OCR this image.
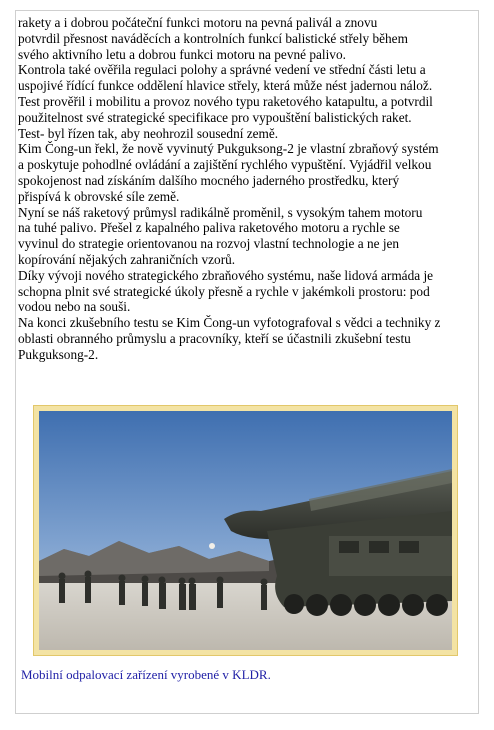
rakety a i dobrou počáteční funkci motoru na pevná palivál a znovu
potvrdil přesnost naváděcích a kontrolních funkcí balistické střely během
svého aktivního letu a dobrou funkci motoru na pevné palivo.
Kontrola také ověřila regulaci polohy a správné vedení ve střední části letu a
uspojivé řídící funkce oddělení hlavice střely, která může nést jadernou nálož.
Test prověřil i mobilitu a provoz nového typu raketového katapultu, a potvrdil
použitelnost své strategické specifikace pro vypouštění balistických raket.
Test- byl řízen tak, aby neohrozil sousední země.
Kim Čong-un řekl, že nově vyvinutý Pukguksong-2 je vlastní zbraňový systém
a poskytuje pohodlné ovládání a zajištění rychlého vypuštění. Vyjádřil velkou
spokojenost nad získáním dalšího mocného jaderného prostředku, který
přispívá k obrovské síle země.
Nyní se náš raketový průmysl radikálně proměnil, s vysokým tahem motoru
na tuhé palivo. Přešel z kapalného paliva raketového motoru a rychle se
vyvinul do strategie orientovanou na rozvoj vlastní technologie a ne jen
kopírování nějakých zahraničních vzorů.
Díky vývoji nového strategického zbraňového systému, naše lidová armáda je
schopna plnit své strategické úkoly přesně a rychle v jakémkoli prostoru: pod
vodou nebo na souši.
Na konci zkušebního testu se Kim Čong-un vyfotografoval s vědci a techniky z
oblasti obranného průmyslu a pracovníky, kteří se účastnili zkušební testu
Pukguksong-2.
Mobilní odpalovací zařízení vyrobené v KLDR.
